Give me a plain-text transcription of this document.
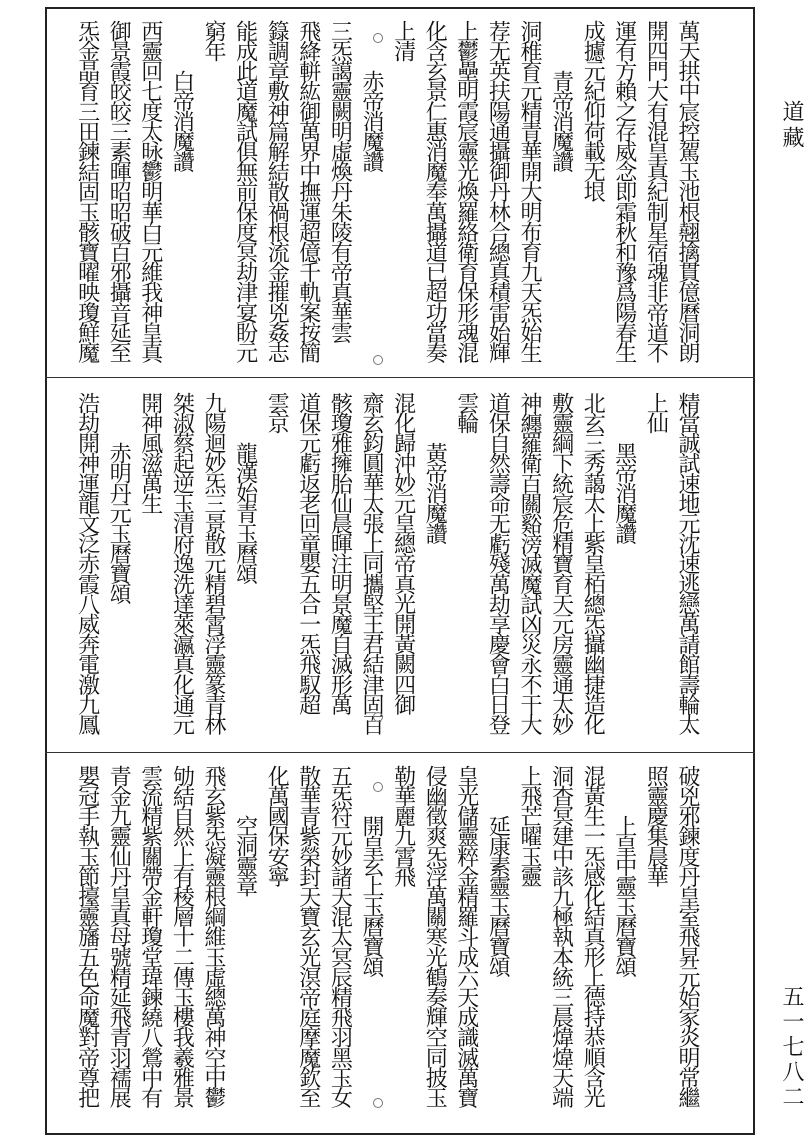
道藏
五一七八二
萬天拱中宸控駕玉池根翹擒貫億曆洞朗
開四門大有混皇真紀制星宿魂非帝道不
運有方賴之存威念即霜秋和豫爲陽春生
成攄元紀仰荷載无垠
青帝消魔讚
洞稚育元精青華開大明布育九天炁始生
荐无英扶陽通攝御丹林合總真積雷始輝
上鬱壘明霞宸靈光煥羅絡衛育保形魂混
化含玄景仁惠消魔奉萬攝道已超功當奏
上清
赤帝消魔讚
三炁譪靈闕明虛煥丹朱陵有帝真華雲
飛絳軿紘御萬界中撫運超億千軌案按簡
籙調章敷神篇解結散禍根流金摧兇姦志
能成此道魔試俱無前保度冥劫津宴盼元
窮年
白帝消魔讚
西靈回七度太昹鬱明華白元維我神皇真
御景霞皎皎三素暉昭昭破百邪攝音延至
炁金晶育三田鍊結固玉骸寶曜映瓊鮮魔
精當誠試速地元沈速逃戀萬請館壽輪太
上仙
黑帝消魔讚
北玄三秀藹太上紫皇栢總炁攝幽捷造化
敷靈綱下統宸危精寶育天元房靈通太妙
神纏羅衛百關谿滂滅魔試凶災永不干大
道保自然壽命无虧殘萬劫享慶會白日登
雲輪
黃帝消魔讚
混化歸沖妙元皇總帝真光開黃闕四御
齋玄鈞圓華太張上同攜堅王君結津固百
骸瓊雅擁胎仙晨暉注明景魔自滅形萬
道保元虧返老回童嬰五合一炁飛馭超
雲京
龍漢始青玉曆頌
九陽迴妙炁三景散元精碧霄浮靈篆青林
桀淑蔡起逆玉清府逸洗達萊瀛真化通元
開神風滋萬生
赤明丹元玉曆寶頌
浩劫開神運龍文泛赤霞八威奔電激九鳳
破兇邪鍊度丹皇室飛昇元始家炎明常繼
照靈慶集晨華
上皇中靈玉曆寶頌
混黃生一炁感化結真形上德持恭順含光
洞杳冥建中該九極執本統三晨煒煒天端
上飛芒曜玉靈
延康素靈玉曆寶頌
皇光儲靈粹金精羅斗成六天成識滅萬寶
侵幽徵爽炁浮萬關寒光鶴奏輝空同披玉
勒華麗九霄飛
開皇玄上玉曆寶頌
五炁符元妙諸天混太冥辰精飛羽黑玉女
散華青紫榮封天寶玄光溟帝庭摩魔欽至
化萬國保安寧
空洞靈章
飛玄紫炁凝靈根綱維玉虛總萬神空中鬱
劬結自然上有稜層十二傳玉樓我羲雅景
雲流精紫關帶金軒瓊堂瑋鍊繞八鶯中有
青金九靈仙丹皇真母號精延飛青羽襦展
嬰冠手執玉節擡靈旛五色命魔對帝尊把
